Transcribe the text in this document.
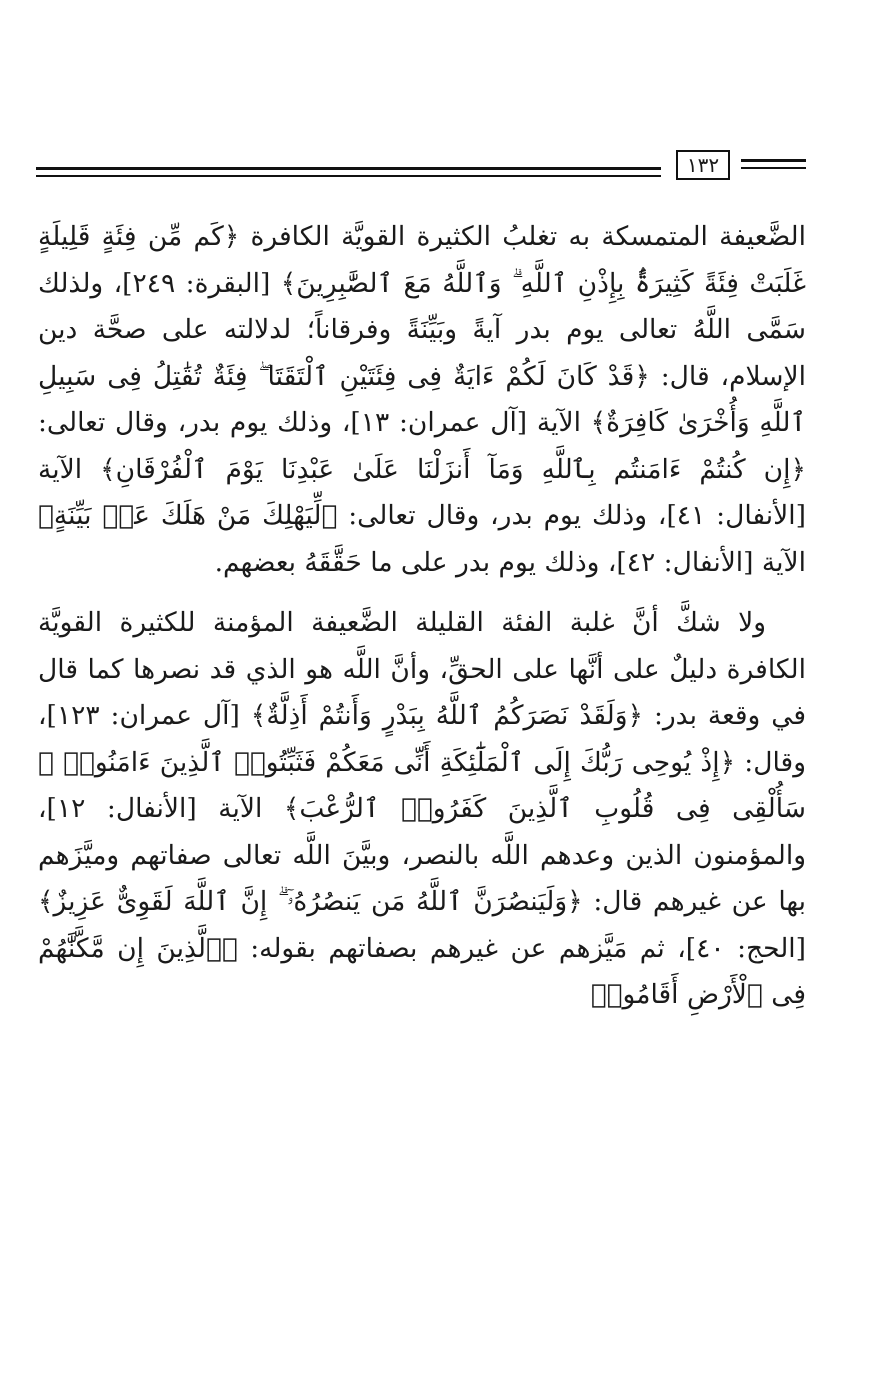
١٣٢

الضَّعيفة المتمسكة به تغلبُ الكثيرة القويَّة الكافرة ﴿كَم مِّن فِئَةٍ قَلِيلَةٍ غَلَبَتْ فِئَةً كَثِيرَةًۢ بِإِذْنِ ٱللَّهِ ۗ وَٱللَّهُ مَعَ ٱلصَّٰبِرِينَ﴾ [البقرة: ٢٤٩]، ولذلك سَمَّى اللَّهُ تعالى يوم بدر آيةً وبَيِّنَةً وفرقاناً؛ لدلالته على صحَّة دين الإسلام، قال: ﴿قَدْ كَانَ لَكُمْ ءَايَةٌ فِى فِئَتَيْنِ ٱلْتَقَتَا ۖ فِئَةٌ تُقَٰتِلُ فِى سَبِيلِ ٱللَّهِ وَأُخْرَىٰ كَافِرَةٌ﴾ الآية [آل عمران: ١٣]، وذلك يوم بدر، وقال تعالى: ﴿إِن كُنتُمْ ءَامَنتُم بِٱللَّهِ وَمَآ أَنزَلْنَا عَلَىٰ عَبْدِنَا يَوْمَ ٱلْفُرْقَانِ﴾ الآية [الأنفال: ٤١]، وذلك يوم بدر، وقال تعالى: ﴿لِّيَهْلِكَ مَنْ هَلَكَ عَنۢ بَيِّنَةٍ﴾ الآية [الأنفال: ٤٢]، وذلك يوم بدر على ما حَقَّقَهُ بعضهم.

ولا شكَّ أنَّ غلبة الفئة القليلة الضَّعيفة المؤمنة للكثيرة القويَّة الكافرة دليلٌ على أنَّها على الحقِّ، وأنَّ اللَّه هو الذي قد نصرها كما قال في وقعة بدر: ﴿وَلَقَدْ نَصَرَكُمُ ٱللَّهُ بِبَدْرٍ وَأَنتُمْ أَذِلَّةٌ﴾ [آل عمران: ١٢٣]، وقال: ﴿إِذْ يُوحِى رَبُّكَ إِلَى ٱلْمَلَٰٓئِكَةِ أَنِّى مَعَكُمْ فَثَبِّتُوا۟ ٱلَّذِينَ ءَامَنُوا۟ ۚ سَأُلْقِى فِى قُلُوبِ ٱلَّذِينَ كَفَرُوا۟ ٱلرُّعْبَ﴾ الآية [الأنفال: ١٢]، والمؤمنون الذين وعدهم اللَّه بالنصر، وبيَّنَ اللَّه تعالى صفاتهم وميَّزَهم بها عن غيرهم قال: ﴿وَلَيَنصُرَنَّ ٱللَّهُ مَن يَنصُرُهُۥٓ ۗ إِنَّ ٱللَّهَ لَقَوِىٌّ عَزِيزٌ﴾ [الحج: ٤٠]، ثم مَيَّزهم عن غيرهم بصفاتهم بقوله: ﴿ٱلَّذِينَ إِن مَّكَّنَّٰهُمْ فِى ٱلْأَرْضِ أَقَامُوا۟
